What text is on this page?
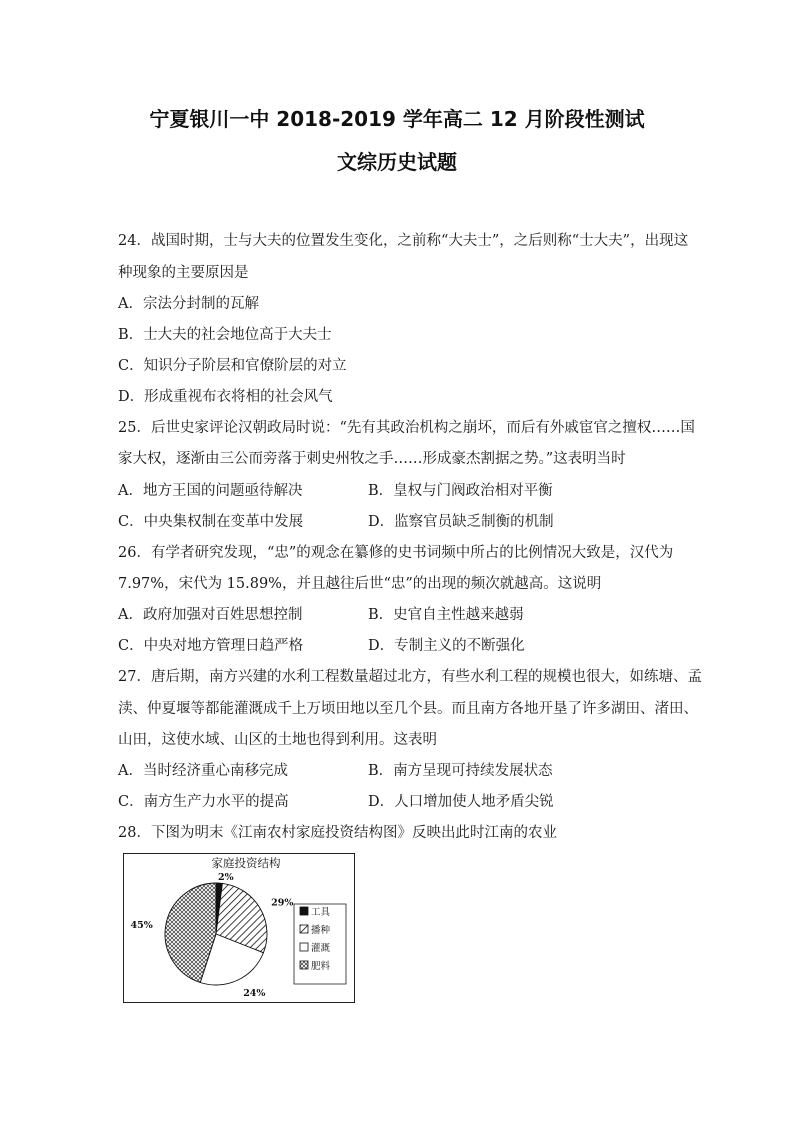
宁夏银川一中 2018-2019 学年高二 12 月阶段性测试
文综历史试题
24．战国时期，士与大夫的位置发生变化，之前称“大夫士”，之后则称“士大夫”，出现这
种现象的主要原因是
A．宗法分封制的瓦解
B．士大夫的社会地位高于大夫士
C．知识分子阶层和官僚阶层的对立
D．形成重视布衣将相的社会风气
25．后世史家评论汉朝政局时说：“先有其政治机构之崩坏，而后有外戚宦官之擅权……国
家大权，逐渐由三公而旁落于刺史州牧之手……形成豪杰割据之势。”这表明当时
A．地方王国的问题亟待解决	B．皇权与门阀政治相对平衡
C．中央集权制在变革中发展	D．监察官员缺乏制衡的机制
26．有学者研究发现，“忠”的观念在纂修的史书词频中所占的比例情况大致是，汉代为
7.97%，宋代为 15.89%，并且越往后世“忠”的出现的频次就越高。这说明
A．政府加强对百姓思想控制	B．史官自主性越来越弱
C．中央对地方管理日趋严格	D．专制主义的不断强化
27．唐后期，南方兴建的水利工程数量超过北方，有些水利工程的规模也很大，如练塘、孟
渎、仲夏堰等都能灌溉成千上万顷田地以至几个县。而且南方各地开垦了许多湖田、渚田、
山田，这使水域、山区的土地也得到利用。这表明
A．当时经济重心南移完成	B．南方呈现可持续发展状态
C．南方生产力水平的提高	D．人口增加使人地矛盾尖锐
28．下图为明末《江南农村家庭投资结构图》反映出此时江南的农业
家庭投资结构
2%
29%
24%
45%
工具
播种
灌溉
肥料
